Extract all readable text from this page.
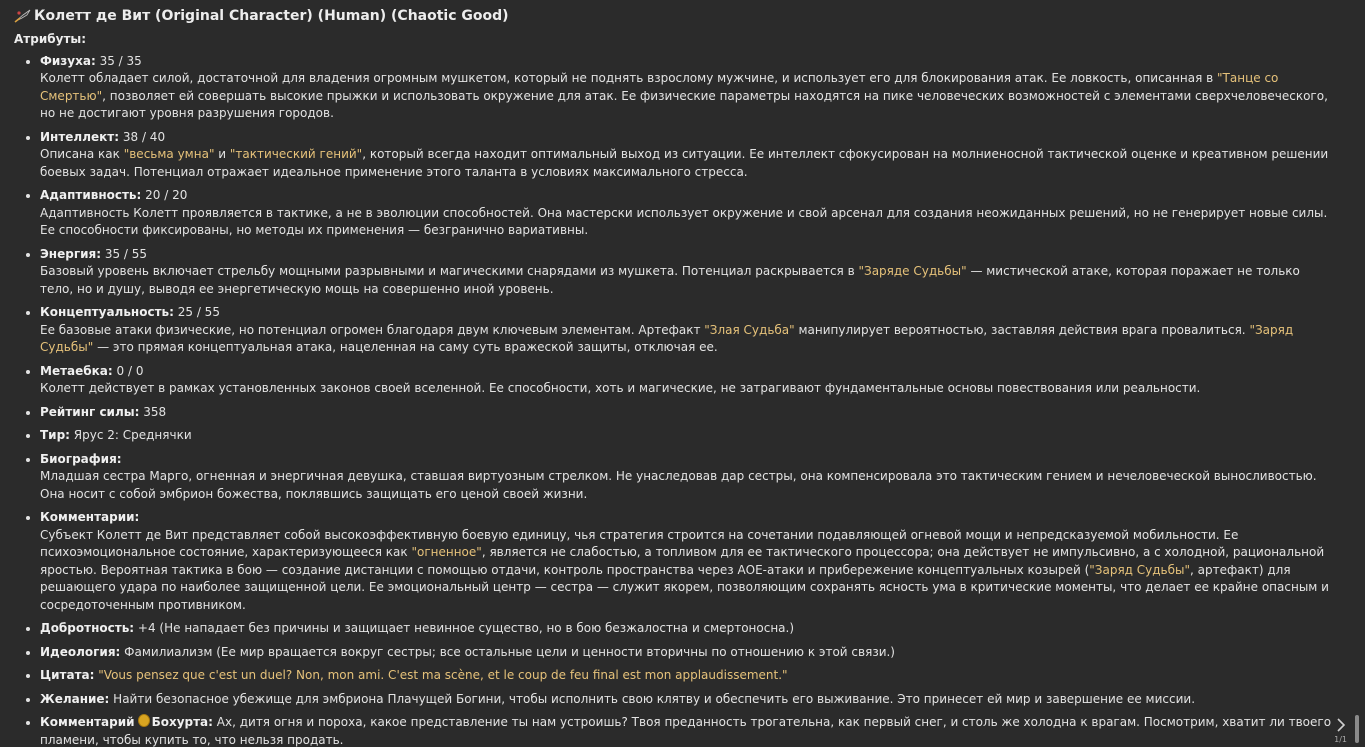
Колетт де Вит (Original Character) (Human) (Chaotic Good)
Атрибуты:
Физуха: 35 / 35
Колетт обладает силой, достаточной для владения огромным мушкетом, который не поднять взрослому мужчине, и использует его для блокирования атак. Ее ловкость, описанная в "Танце со Смертью", позволяет ей совершать высокие прыжки и использовать окружение для атак. Ее физические параметры находятся на пике человеческих возможностей с элементами сверхчеловеческого, но не достигают уровня разрушения городов.
Интеллект: 38 / 40
Описана как "весьма умна" и "тактический гений", который всегда находит оптимальный выход из ситуации. Ее интеллект сфокусирован на молниеносной тактической оценке и креативном решении боевых задач. Потенциал отражает идеальное применение этого таланта в условиях максимального стресса.
Адаптивность: 20 / 20
Адаптивность Колетт проявляется в тактике, а не в эволюции способностей. Она мастерски использует окружение и свой арсенал для создания неожиданных решений, но не генерирует новые силы. Ее способности фиксированы, но методы их применения — безгранично вариативны.
Энергия: 35 / 55
Базовый уровень включает стрельбу мощными разрывными и магическими снарядами из мушкета. Потенциал раскрывается в "Заряде Судьбы" — мистической атаке, которая поражает не только тело, но и душу, выводя ее энергетическую мощь на совершенно иной уровень.
Концептуальность: 25 / 55
Ее базовые атаки физические, но потенциал огромен благодаря двум ключевым элементам. Артефакт "Злая Судьба" манипулирует вероятностью, заставляя действия врага провалиться. "Заряд Судьбы" — это прямая концептуальная атака, нацеленная на саму суть вражеской защиты, отключая ее.
Метаебка: 0 / 0
Колетт действует в рамках установленных законов своей вселенной. Ее способности, хоть и магические, не затрагивают фундаментальные основы повествования или реальности.
Рейтинг силы: 358
Тир: Ярус 2: Среднячки
Биография:
Младшая сестра Марго, огненная и энергичная девушка, ставшая виртуозным стрелком. Не унаследовав дар сестры, она компенсировала это тактическим гением и нечеловеческой выносливостью. Она носит с собой эмбрион божества, поклявшись защищать его ценой своей жизни.
Комментарии:
Субъект Колетт де Вит представляет собой высокоэффективную боевую единицу, чья стратегия строится на сочетании подавляющей огневой мощи и непредсказуемой мобильности. Ее психоэмоциональное состояние, характеризующееся как "огненное", является не слабостью, а топливом для ее тактического процессора; она действует не импульсивно, а с холодной, рациональной яростью. Вероятная тактика в бою — создание дистанции с помощью отдачи, контроль пространства через АОЕ-атаки и прибережение концептуальных козырей ("Заряд Судьбы", артефакт) для решающего удара по наиболее защищенной цели. Ее эмоциональный центр — сестра — служит якорем, позволяющим сохранять ясность ума в критические моменты, что делает ее крайне опасным и сосредоточенным противником.
Добротность: +4 (Не нападает без причины и защищает невинное существо, но в бою безжалостна и смертоносна.)
Идеология: Фамилиализм (Ее мир вращается вокруг сестры; все остальные цели и ценности вторичны по отношению к этой связи.)
Цитата: "Vous pensez que c'est un duel? Non, mon ami. C'est ma scène, et le coup de feu final est mon applaudissement."
Желание: Найти безопасное убежище для эмбриона Плачущей Богини, чтобы исполнить свою клятву и обеспечить его выживание. Это принесет ей мир и завершение ее миссии.
Комментарий Бохурта: Ах, дитя огня и пороха, какое представление ты нам устроишь? Твоя преданность трогательна, как первый снег, и столь же холодна к врагам. Посмотрим, хватит ли твоего пламени, чтобы купить то, что нельзя продать.	1/1
